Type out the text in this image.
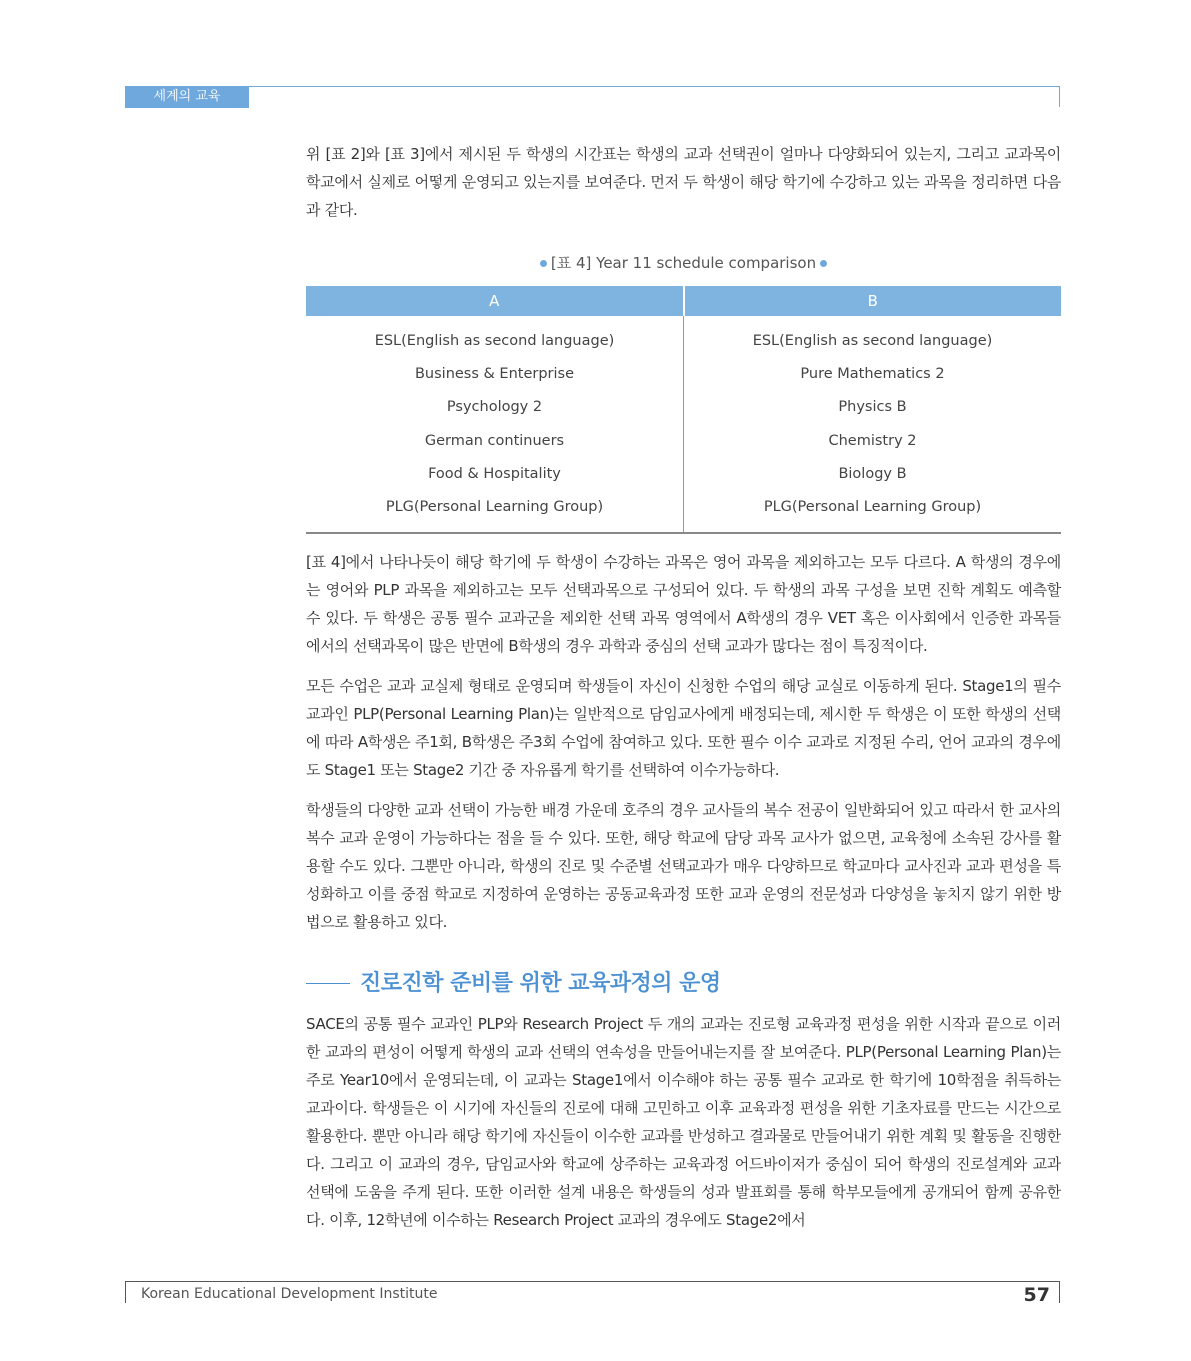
세계의 교육

위 [표 2]와 [표 3]에서 제시된 두 학생의 시간표는 학생의 교과 선택권이 얼마나 다양화되어 있는지, 그리고 교과목이 학교에서 실제로 어떻게 운영되고 있는지를 보여준다. 먼저 두 학생이 해당 학기에 수강하고 있는 과목을 정리하면 다음과 같다.

[표 4] Year 11 schedule comparison
A	B
ESL(English as second language)	ESL(English as second language)
Business & Enterprise	Pure Mathematics 2
Psychology 2	Physics B
German continuers	Chemistry 2
Food & Hospitality	Biology B
PLG(Personal Learning Group)	PLG(Personal Learning Group)

[표 4]에서 나타나듯이 해당 학기에 두 학생이 수강하는 과목은 영어 과목을 제외하고는 모두 다르다. A 학생의 경우에는 영어와 PLP 과목을 제외하고는 모두 선택과목으로 구성되어 있다. 두 학생의 과목 구성을 보면 진학 계획도 예측할 수 있다. 두 학생은 공통 필수 교과군을 제외한 선택 과목 영역에서 A학생의 경우 VET 혹은 이사회에서 인증한 과목들에서의 선택과목이 많은 반면에 B학생의 경우 과학과 중심의 선택 교과가 많다는 점이 특징적이다.

모든 수업은 교과 교실제 형태로 운영되며 학생들이 자신이 신청한 수업의 해당 교실로 이동하게 된다. Stage1의 필수교과인 PLP(Personal Learning Plan)는 일반적으로 담임교사에게 배정되는데, 제시한 두 학생은 이 또한 학생의 선택에 따라 A학생은 주1회, B학생은 주3회 수업에 참여하고 있다. 또한 필수 이수 교과로 지정된 수리, 언어 교과의 경우에도 Stage1 또는 Stage2 기간 중 자유롭게 학기를 선택하여 이수가능하다.

학생들의 다양한 교과 선택이 가능한 배경 가운데 호주의 경우 교사들의 복수 전공이 일반화되어 있고 따라서 한 교사의 복수 교과 운영이 가능하다는 점을 들 수 있다. 또한, 해당 학교에 담당 과목 교사가 없으면, 교육청에 소속된 강사를 활용할 수도 있다. 그뿐만 아니라, 학생의 진로 및 수준별 선택교과가 매우 다양하므로 학교마다 교사진과 교과 편성을 특성화하고 이를 중점 학교로 지정하여 운영하는 공동교육과정 또한 교과 운영의 전문성과 다양성을 놓치지 않기 위한 방법으로 활용하고 있다.

진로진학 준비를 위한 교육과정의 운영

SACE의 공통 필수 교과인 PLP와 Research Project 두 개의 교과는 진로형 교육과정 편성을 위한 시작과 끝으로 이러한 교과의 편성이 어떻게 학생의 교과 선택의 연속성을 만들어내는지를 잘 보여준다. PLP(Personal Learning Plan)는 주로 Year10에서 운영되는데, 이 교과는 Stage1에서 이수해야 하는 공통 필수 교과로 한 학기에 10학점을 취득하는 교과이다. 학생들은 이 시기에 자신들의 진로에 대해 고민하고 이후 교육과정 편성을 위한 기초자료를 만드는 시간으로 활용한다. 뿐만 아니라 해당 학기에 자신들이 이수한 교과를 반성하고 결과물로 만들어내기 위한 계획 및 활동을 진행한다. 그리고 이 교과의 경우, 담임교사와 학교에 상주하는 교육과정 어드바이저가 중심이 되어 학생의 진로설계와 교과 선택에 도움을 주게 된다. 또한 이러한 설계 내용은 학생들의 성과 발표회를 통해 학부모들에게 공개되어 함께 공유한다. 이후, 12학년에 이수하는 Research Project 교과의 경우에도 Stage2에서

Korean Educational Development Institute	57
